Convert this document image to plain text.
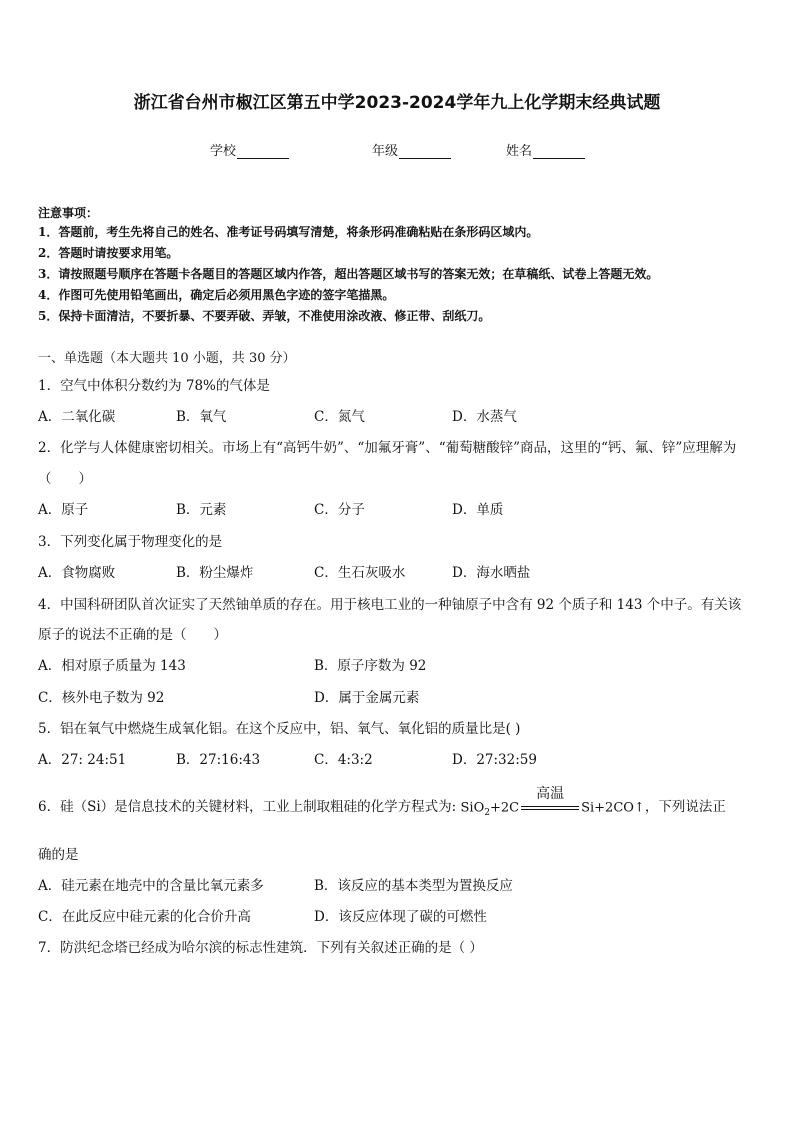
浙江省台州市椒江区第五中学2023-2024学年九上化学期末经典试题
学校	年级	姓名
注意事项：
1．答题前，考生先将自己的姓名、准考证号码填写清楚，将条形码准确粘贴在条形码区域内。
2．答题时请按要求用笔。
3．请按照题号顺序在答题卡各题目的答题区域内作答，超出答题区域书写的答案无效；在草稿纸、试卷上答题无效。
4．作图可先使用铅笔画出，确定后必须用黑色字迹的签字笔描黑。
5．保持卡面清洁，不要折暴、不要弄破、弄皱，不准使用涂改液、修正带、刮纸刀。
一、单选题（本大题共 10 小题，共 30 分）
1．空气中体积分数约为 78%的气体是
A．二氧化碳	B．氧气	C．氮气	D．水蒸气
2．化学与人体健康密切相关。市场上有“高钙牛奶”、“加氟牙膏”、“葡萄糖酸锌”商品，这里的“钙、氟、锌”应理解为
（　　）
A．原子	B．元素	C．分子	D．单质
3．下列变化属于物理变化的是
A．食物腐败	B．粉尘爆炸	C．生石灰吸水	D．海水晒盐
4．中国科研团队首次证实了天然铀单质的存在。用于核电工业的一种铀原子中含有 92 个质子和 143 个中子。有关该
原子的说法不正确的是（　　）
A．相对原子质量为 143	B．原子序数为 92
C．核外电子数为 92	D．属于金属元素
5．铝在氧气中燃烧生成氧化铝。在这个反应中，铝、氧气、氧化铝的质量比是( )
A．27: 24:51	B．27:16:43	C．4:3:2	D．27:32:59
6．硅（Si）是信息技术的关键材料，工业上制取粗硅的化学方程式为: SiO$_2$+2C
高温
Si+2CO↑，下列说法正
确的是
A．硅元素在地壳中的含量比氧元素多	B．该反应的基本类型为置换反应
C．在此反应中硅元素的化合价升高	D．该反应体现了碳的可燃性
7．防洪纪念塔已经成为哈尔滨的标志性建筑．下列有关叙述正确的是（ ）
